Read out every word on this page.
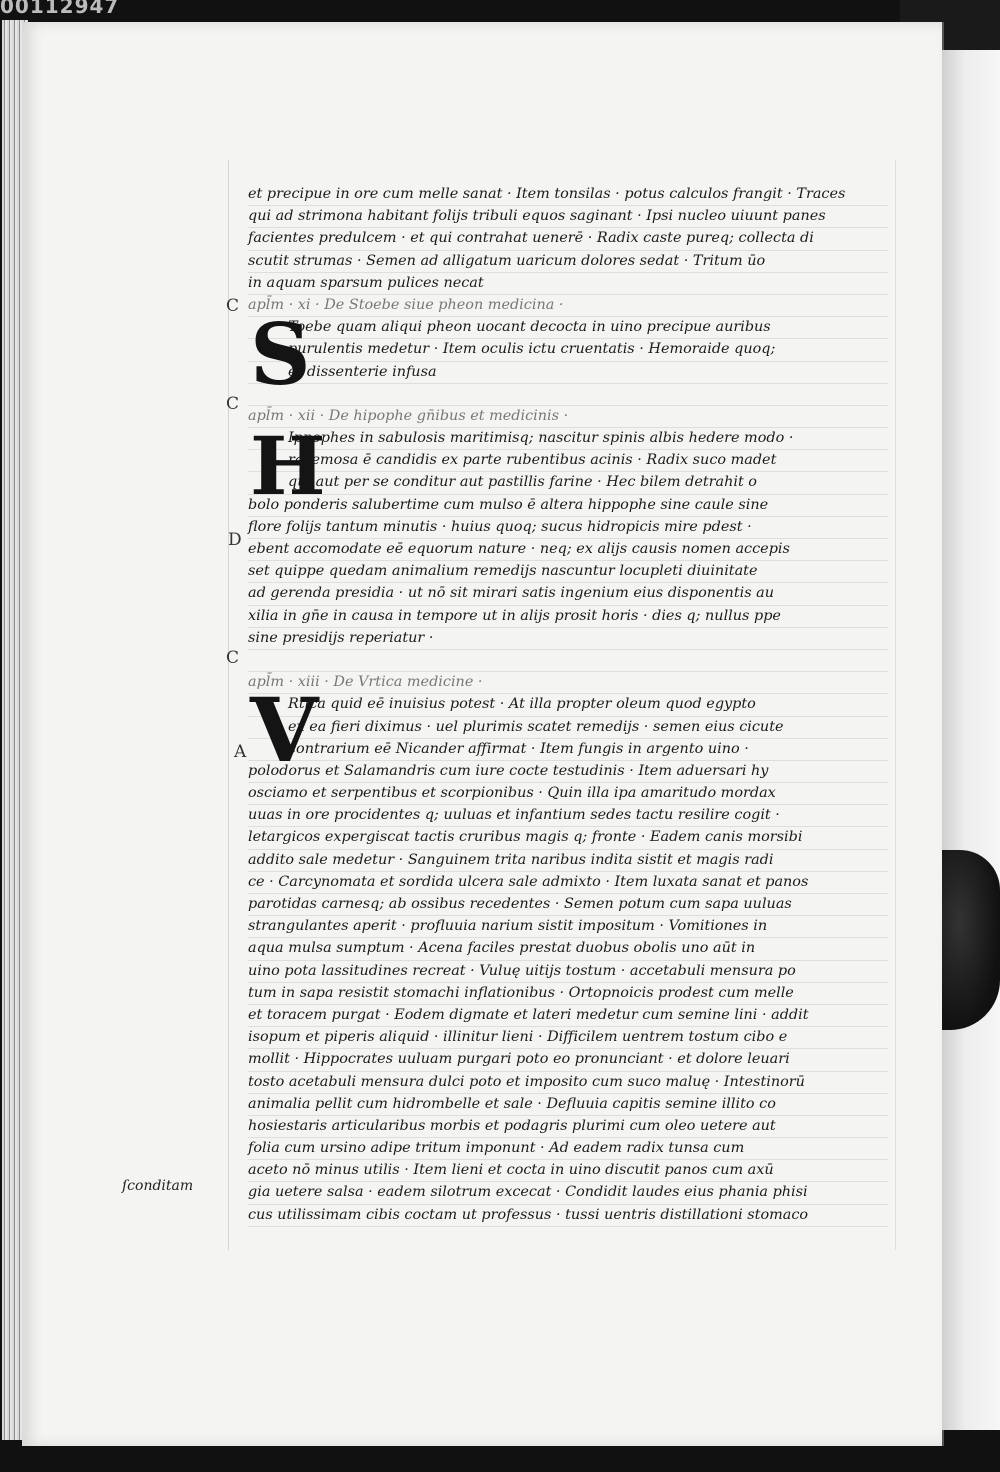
00112947
C
C
D
C
A
ſconditam
et precipue in ore cum melle sanat · Item tonsilas · potus calculos frangit · Traces
qui ad strimona habitant folijs tribuli equos saginant · Ipsi nucleo uiuunt panes
facientes predulcem · et qui contrahat uenerē · Radix caste pureq; collecta di
scutit strumas · Semen ad alligatum uaricum dolores sedat · Tritum ūo
in aquam sparsum pulices necat
apl̄m · xi · De Stoebe siue pheon medicina ·
S
Toebe quam aliqui pheon uocant decocta in uino precipue auribus
purulentis medetur · Item oculis ictu cruentatis · Hemoraide quoq;
et dissenterie infusa
apl̄m · xii · De hipophe gn̄ibus et medicinis ·
H
Ippophes in sabulosis maritimisq; nascitur spinis albis hedere modo ·
racemosa ē candidis ex parte rubentibus acinis · Radix suco madet
qui aut per se conditur aut pastillis farine · Hec bilem detrahit o
bolo ponderis salubertime cum mulso ē altera hippophe sine caule sine
flore folijs tantum minutis · huius quoq; sucus hidropicis mire pdest ·
ebent accomodate eē equorum nature · neq; ex alijs causis nomen accepis
set quippe quedam animalium remedijs nascuntur locupleti diuinitate
ad gerenda presidia · ut nō sit mirari satis ingenium eius disponentis au
xilia in gn̄e in causa in tempore ut in alijs prosit horis · dies q; nullus ppe
sine presidijs reperiatur ·
apl̄m · xiii · De Vrtica medicine ·
V
Rtica quid eē inuisius potest · At illa propter oleum quod egypto
ex ea fieri diximus · uel plurimis scatet remedijs · semen eius cicute
contrarium eē Nicander affirmat · Item fungis in argento uino ·
polodorus et Salamandris cum iure cocte testudinis · Item aduersari hy
osciamo et serpentibus et scorpionibus · Quin illa ipa amaritudo mordax
uuas in ore procidentes q; uuluas et infantium sedes tactu resilire cogit ·
letargicos expergiscat tactis cruribus magis q; fronte · Eadem canis morsibi
addito sale medetur · Sanguinem trita naribus indita sistit et magis radi
ce · Carcynomata et sordida ulcera sale admixto · Item luxata sanat et panos
parotidas carnesq; ab ossibus recedentes · Semen potum cum sapa uuluas
strangulantes aperit · profluuia narium sistit impositum · Vomitiones in
aqua mulsa sumptum · Acena faciles prestat duobus obolis uno aūt in
uino pota lassitudines recreat · Vuluę uitijs tostum · accetabuli mensura po
tum in sapa resistit stomachi inflationibus · Ortopnoicis prodest cum melle
et toracem purgat · Eodem digmate et lateri medetur cum semine lini · addit
isopum et piperis aliquid · illinitur lieni · Difficilem uentrem tostum cibo e
mollit · Hippocrates uuluam purgari poto eo pronunciant · et dolore leuari
tosto acetabuli mensura dulci poto et imposito cum suco maluę · Intestinorū
animalia pellit cum hidrombelle et sale · Defluuia capitis semine illito co
hosiestaris articularibus morbis et podagris plurimi cum oleo uetere aut
folia cum ursino adipe tritum imponunt · Ad eadem radix tunsa cum
aceto nō minus utilis · Item lieni et cocta in uino discutit panos cum axū
gia uetere salsa · eadem silotrum excecat · Condidit laudes eius phania phisi
cus utilissimam cibis coctam ut professus · tussi uentris distillationi stomaco
